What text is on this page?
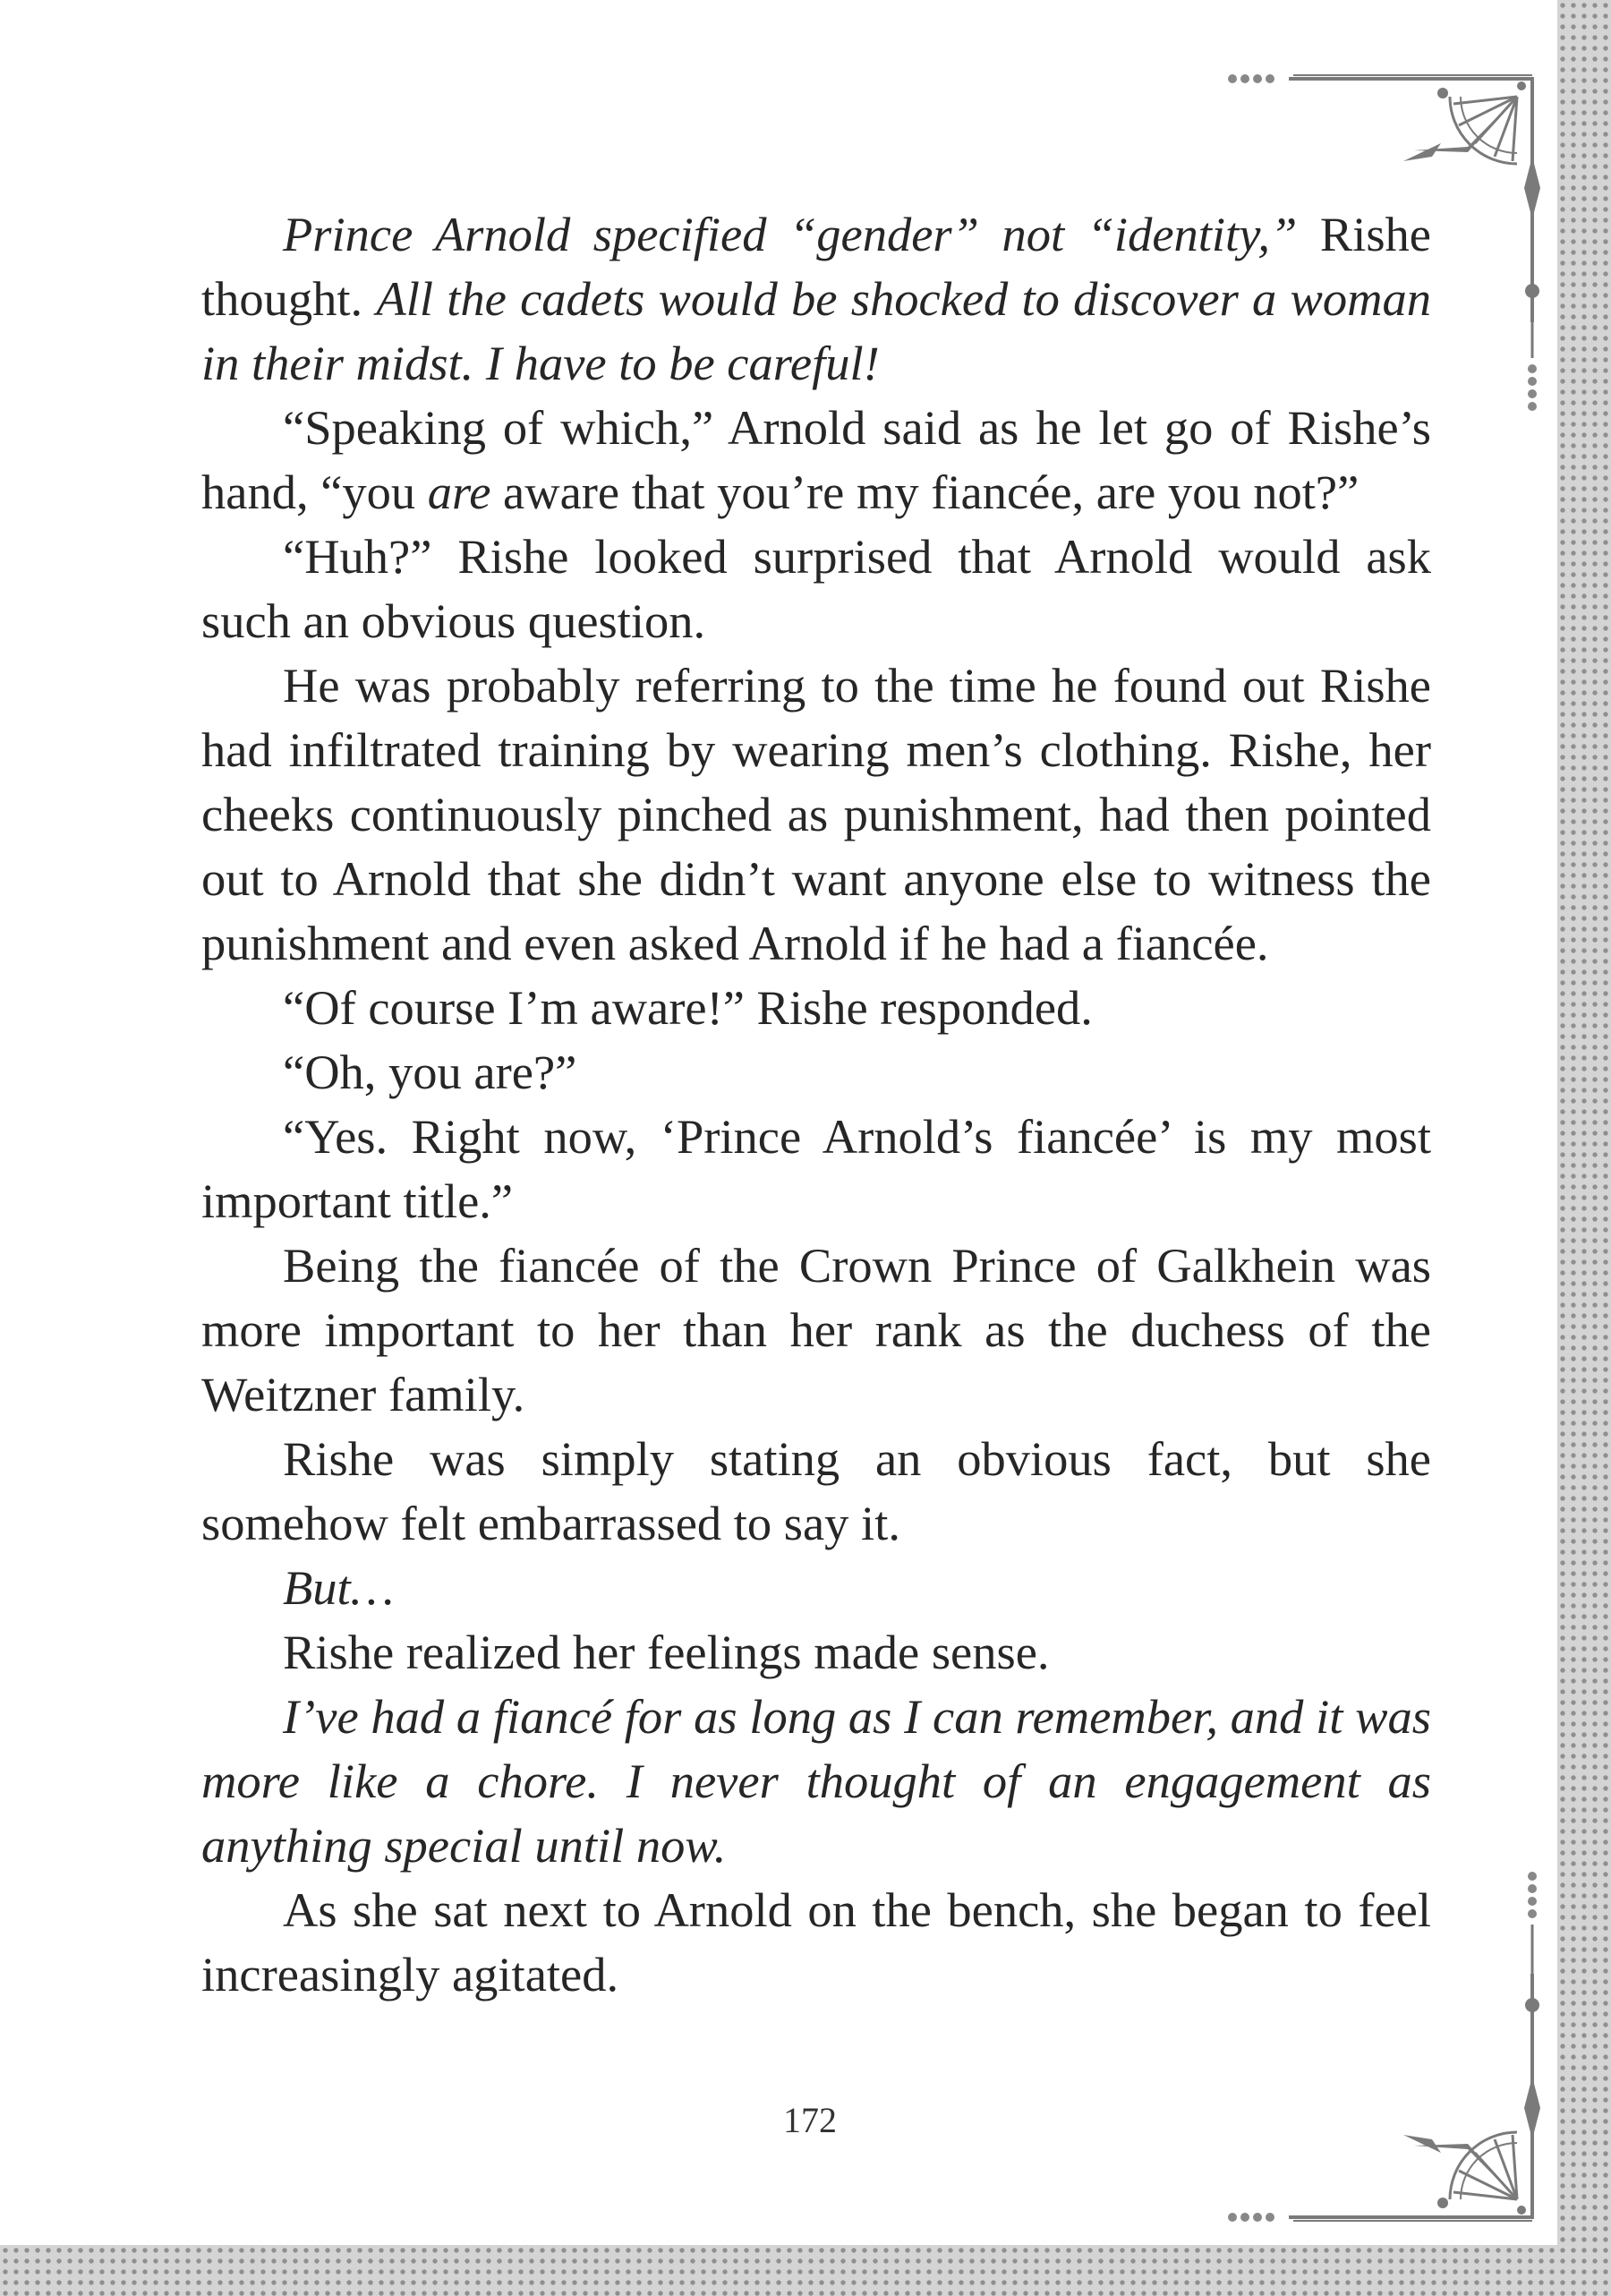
Prince Arnold specified “gender” not “identity,” Rishe thought. All the cadets would be shocked to discover a woman in their midst. I have to be careful!

“Speaking of which,” Arnold said as he let go of Rishe’s hand, “you are aware that you’re my fiancée, are you not?”

“Huh?” Rishe looked surprised that Arnold would ask such an obvious question.

He was probably referring to the time he found out Rishe had infiltrated training by wearing men’s clothing. Rishe, her cheeks continuously pinched as punishment, had then pointed out to Arnold that she didn’t want anyone else to witness the punishment and even asked Arnold if he had a fiancée.

“Of course I’m aware!” Rishe responded.

“Oh, you are?”

“Yes. Right now, ‘Prince Arnold’s fiancée’ is my most important title.”

Being the fiancée of the Crown Prince of Galkhein was more important to her than her rank as the duchess of the Weitzner family.

Rishe was simply stating an obvious fact, but she somehow felt embarrassed to say it.

But…

Rishe realized her feelings made sense.

I’ve had a fiancé for as long as I can remember, and it was more like a chore. I never thought of an engagement as anything special until now.

As she sat next to Arnold on the bench, she began to feel increasingly agitated.

172
